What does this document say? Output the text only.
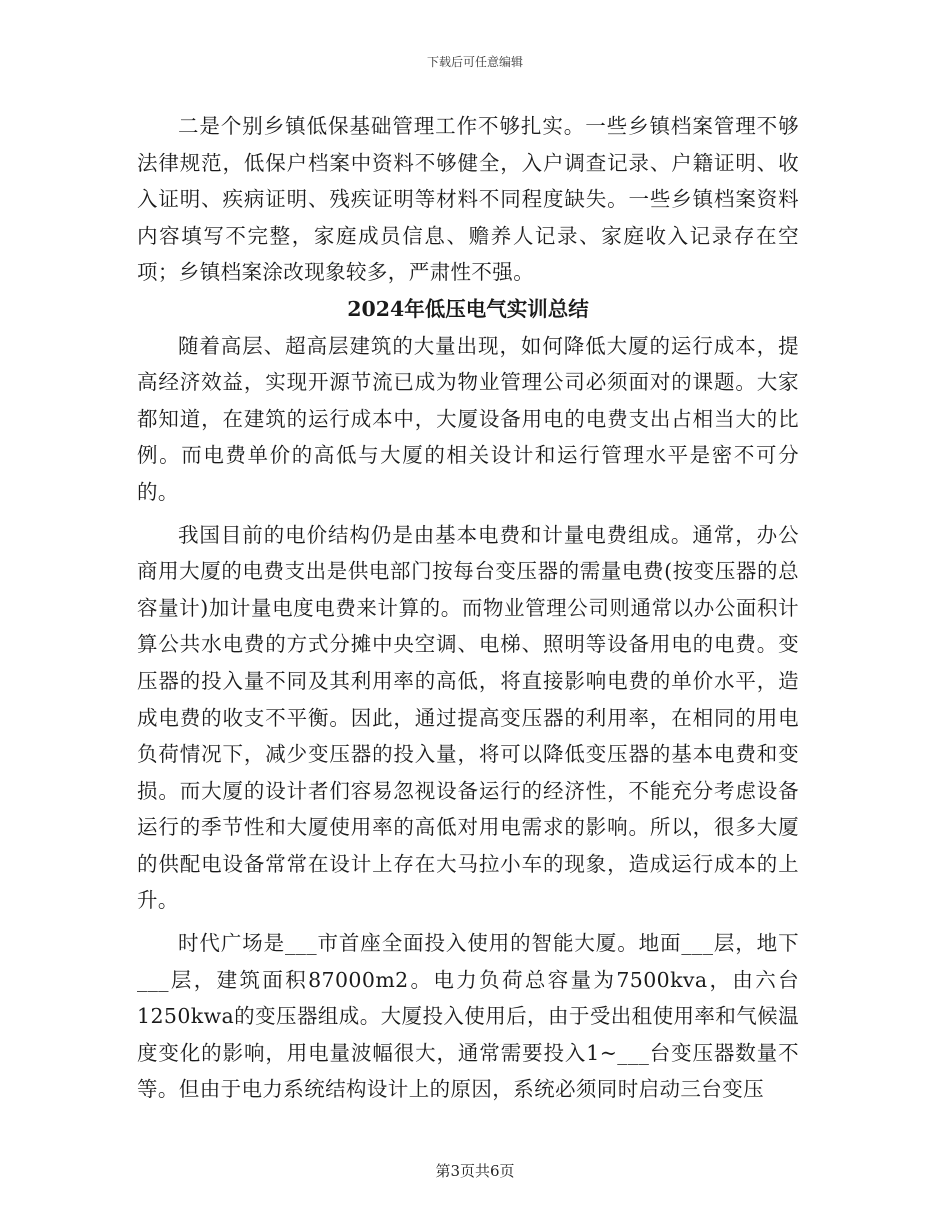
下载后可任意编辑

二是个别乡镇低保基础管理工作不够扎实。一些乡镇档案管理不够法律规范，低保户档案中资料不够健全，入户调查记录、户籍证明、收入证明、疾病证明、残疾证明等材料不同程度缺失。一些乡镇档案资料内容填写不完整，家庭成员信息、赡养人记录、家庭收入记录存在空项；乡镇档案涂改现象较多，严肃性不强。

2024年低压电气实训总结

随着高层、超高层建筑的大量出现，如何降低大厦的运行成本，提高经济效益，实现开源节流已成为物业管理公司必须面对的课题。大家都知道，在建筑的运行成本中，大厦设备用电的电费支出占相当大的比例。而电费单价的高低与大厦的相关设计和运行管理水平是密不可分的。

我国目前的电价结构仍是由基本电费和计量电费组成。通常，办公商用大厦的电费支出是供电部门按每台变压器的需量电费(按变压器的总容量计)加计量电度电费来计算的。而物业管理公司则通常以办公面积计算公共水电费的方式分摊中央空调、电梯、照明等设备用电的电费。变压器的投入量不同及其利用率的高低，将直接影响电费的单价水平，造成电费的收支不平衡。因此，通过提高变压器的利用率，在相同的用电负荷情况下，减少变压器的投入量，将可以降低变压器的基本电费和变损。而大厦的设计者们容易忽视设备运行的经济性，不能充分考虑设备运行的季节性和大厦使用率的高低对用电需求的影响。所以，很多大厦的供配电设备常常在设计上存在大马拉小车的现象，造成运行成本的上升。

时代广场是___市首座全面投入使用的智能大厦。地面___层，地下___层，建筑面积87000m2。电力负荷总容量为7500kva，由六台1250kwa的变压器组成。大厦投入使用后，由于受出租使用率和气候温度变化的影响，用电量波幅很大，通常需要投入1~___台变压器数量不等。但由于电力系统结构设计上的原因，系统必须同时启动三台变压

第3页共6页
